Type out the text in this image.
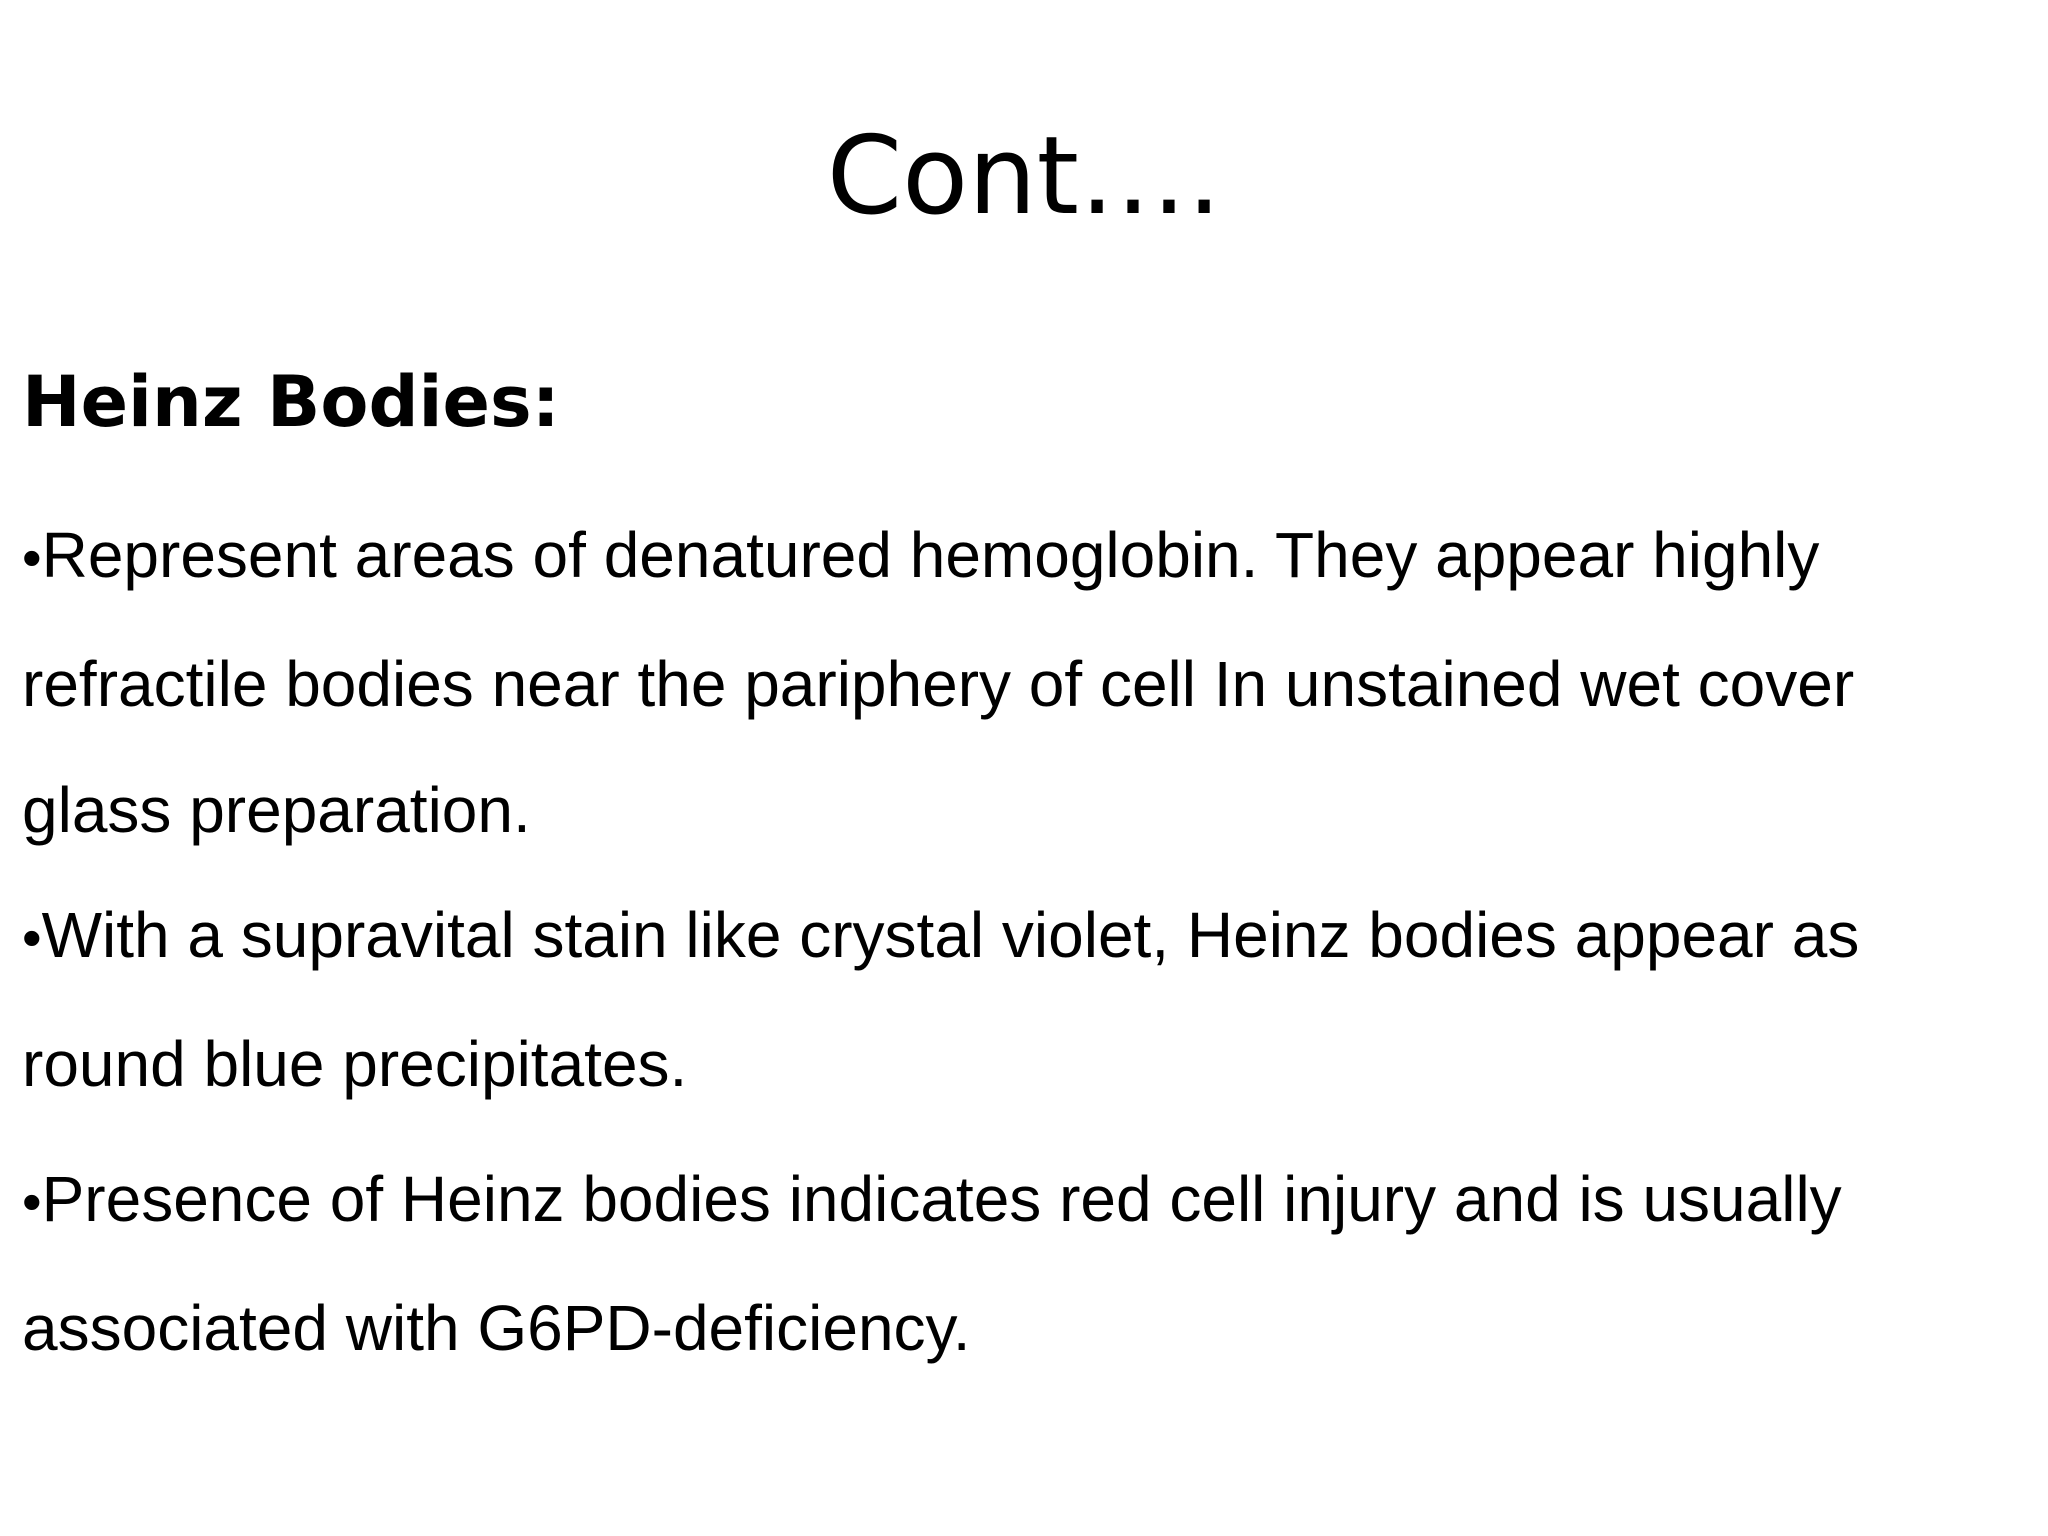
Cont….
Heinz Bodies:

•Represent areas of denatured hemoglobin. They appear highly refractile bodies near the pariphery of cell In unstained wet cover glass preparation.

•With a supravital stain like crystal violet, Heinz bodies appear as round blue precipitates.

•Presence of Heinz bodies indicates red cell injury and is usually associated with G6PD-deficiency.
